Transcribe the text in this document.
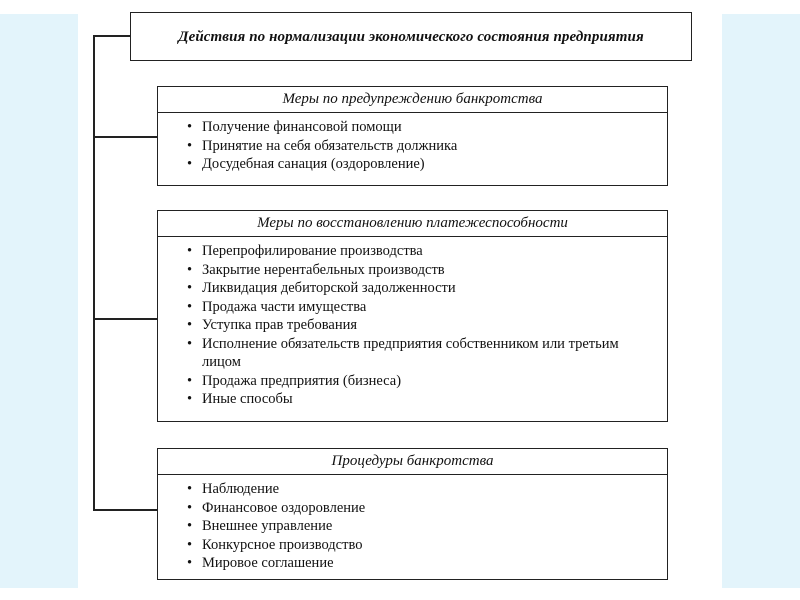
Действия по нормализации экономического состояния предприятия
Меры по предупреждению банкротства
• Получение финансовой помощи
• Принятие на себя обязательств должника
• Досудебная санация (оздоровление)
Меры по восстановлению платежеспособности
• Перепрофилирование производства
• Закрытие нерентабельных производств
• Ликвидация дебиторской задолженности
• Продажа части имущества
• Уступка прав требования
• Исполнение обязательств предприятия собственником или третьим лицом
• Продажа предприятия (бизнеса)
• Иные способы
Процедуры банкротства
• Наблюдение
• Финансовое оздоровление
• Внешнее управление
• Конкурсное производство
• Мировое соглашение
